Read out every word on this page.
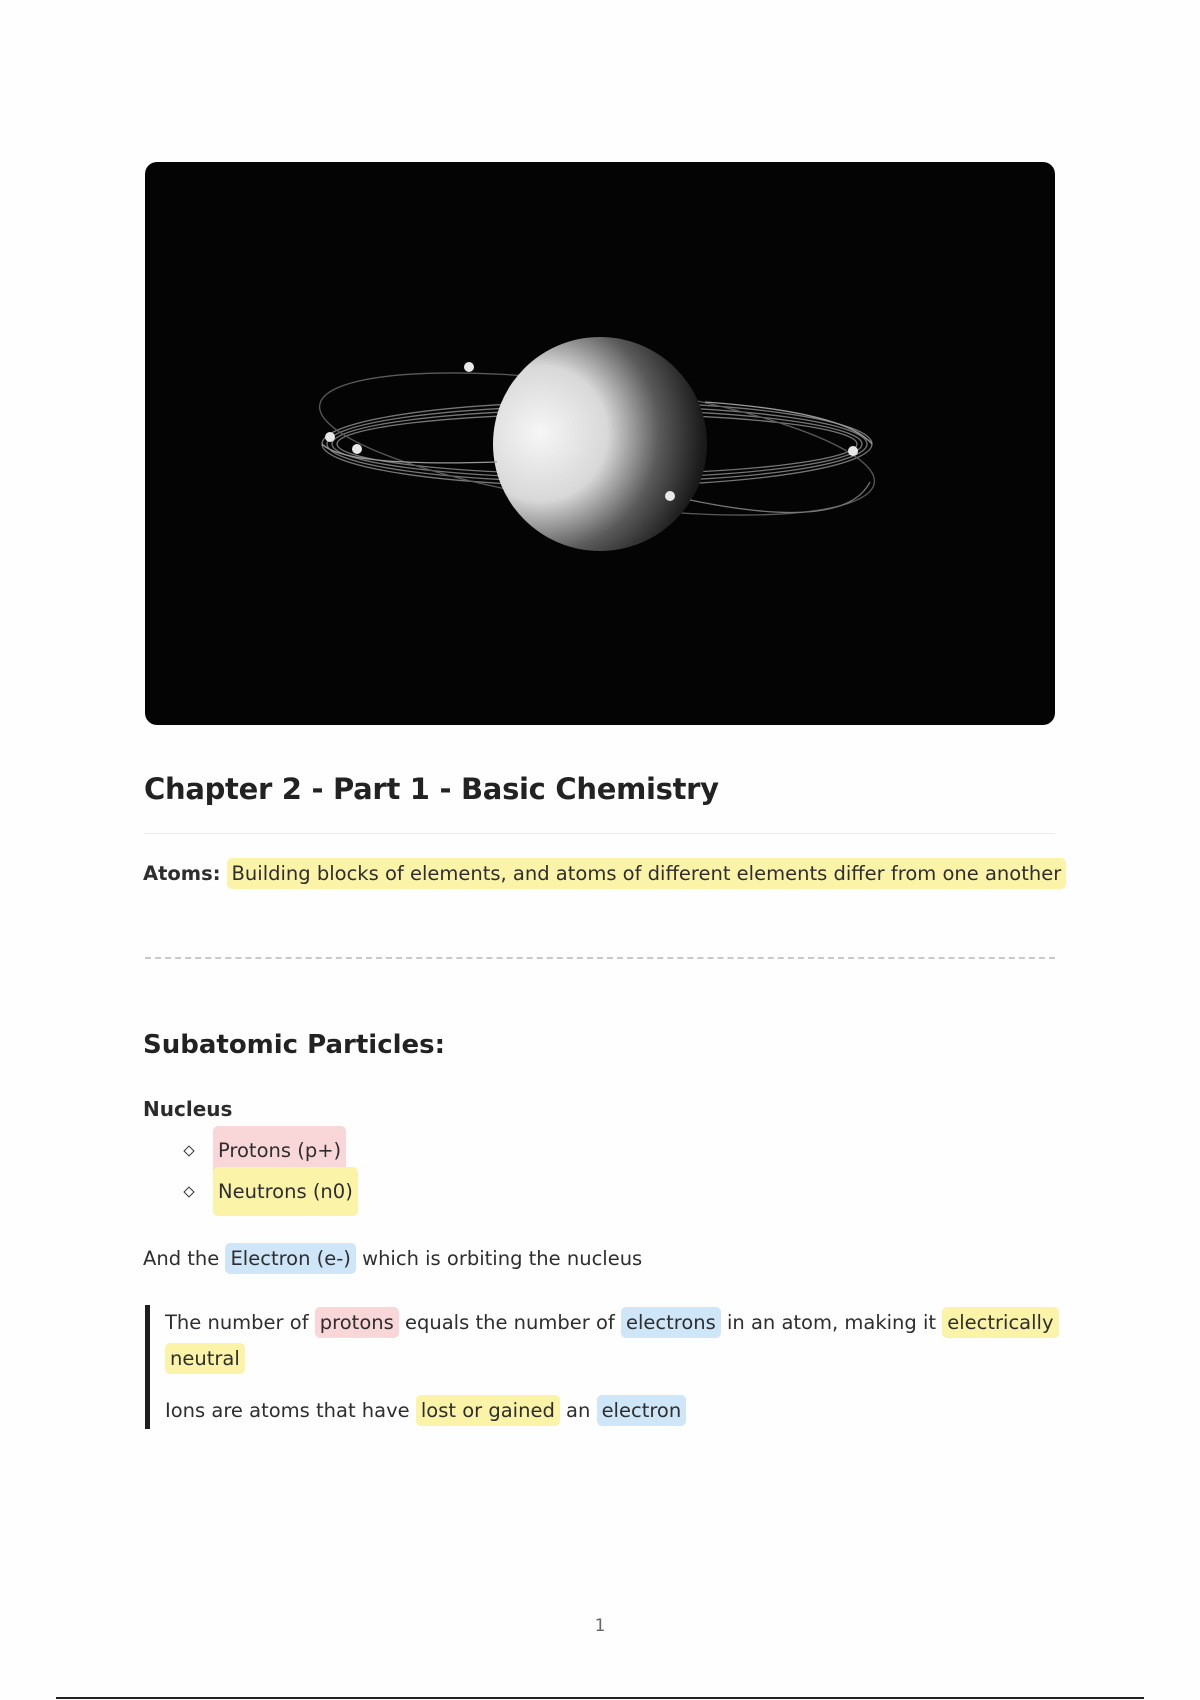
Chapter 2 - Part 1 - Basic Chemistry
Atoms: Building blocks of elements, and atoms of different elements differ from one another
Subatomic Particles:
Nucleus
Protons (p+)
Neutrons (n0)
And the Electron (e-) which is orbiting the nucleus

The number of protons equals the number of electrons in an atom, making it electrically neutral

Ions are atoms that have lost or gained an electron

1
